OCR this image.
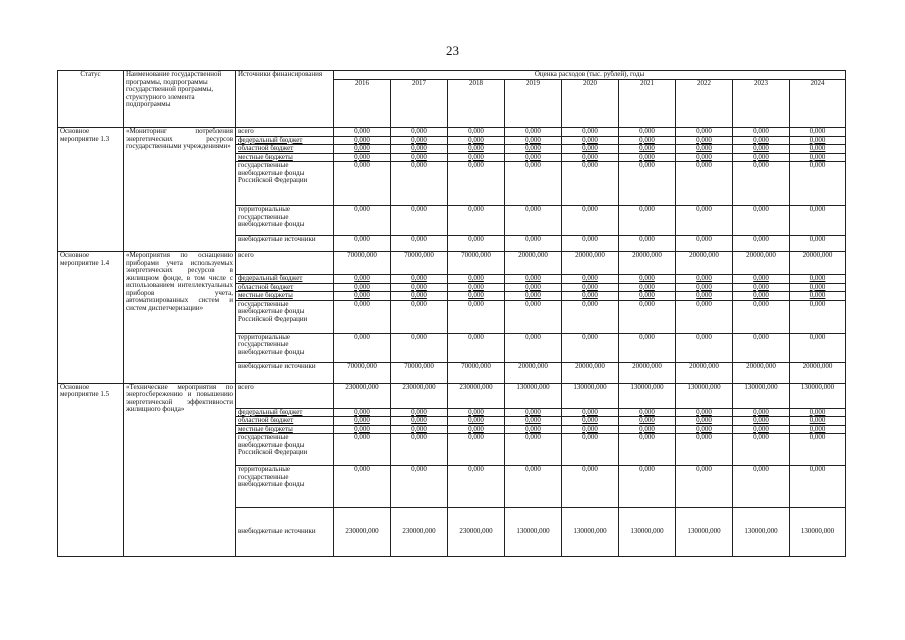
23
Статус	Наименование государственной программы, подпрограммы государственной программы, структурного элемента подпрограммы	Источники финансирования	Оценка расходов (тыс. рублей), годы								
			2016	2017	2018	2019	2020	2021	2022	2023	2024
Основное мероприятие 1.3	«Мониторинг потребления энергетических ресурсов государственными учреждениями»	всего	0,000	0,000	0,000	0,000	0,000	0,000	0,000	0,000	0,000
		федеральный бюджет	0,000	0,000	0,000	0,000	0,000	0,000	0,000	0,000	0,000
		областной бюджет	0,000	0,000	0,000	0,000	0,000	0,000	0,000	0,000	0,000
		местные бюджеты	0,000	0,000	0,000	0,000	0,000	0,000	0,000	0,000	0,000
		государственные внебюджетные фонды Российской Федерации	0,000	0,000	0,000	0,000	0,000	0,000	0,000	0,000	0,000
		территориальные государственные внебюджетные фонды	0,000	0,000	0,000	0,000	0,000	0,000	0,000	0,000	0,000
		внебюджетные источники	0,000	0,000	0,000	0,000	0,000	0,000	0,000	0,000	0,000
Основное мероприятие 1.4	«Мероприятия по оснащению приборами учета используемых энергетических ресурсов в жилищном фонде, в том числе с использованием интеллектуальных приборов учета, автоматизированных систем и систем диспетчеризации»	всего	70000,000	70000,000	70000,000	20000,000	20000,000	20000,000	20000,000	20000,000	20000,000
		федеральный бюджет	0,000	0,000	0,000	0,000	0,000	0,000	0,000	0,000	0,000
		областной бюджет	0,000	0,000	0,000	0,000	0,000	0,000	0,000	0,000	0,000
		местные бюджеты	0,000	0,000	0,000	0,000	0,000	0,000	0,000	0,000	0,000
		государственные внебюджетные фонды Российской Федерации	0,000	0,000	0,000	0,000	0,000	0,000	0,000	0,000	0,000
		территориальные государственные внебюджетные фонды	0,000	0,000	0,000	0,000	0,000	0,000	0,000	0,000	0,000
		внебюджетные источники	70000,000	70000,000	70000,000	20000,000	20000,000	20000,000	20000,000	20000,000	20000,000
Основное мероприятие 1.5	«Технические мероприятия по энергосбережению и повышению энергетической эффективности жилищного фонда»	всего	230000,000	230000,000	230000,000	130000,000	130000,000	130000,000	130000,000	130000,000	130000,000
		федеральный бюджет	0,000	0,000	0,000	0,000	0,000	0,000	0,000	0,000	0,000
		областной бюджет	0,000	0,000	0,000	0,000	0,000	0,000	0,000	0,000	0,000
		местные бюджеты	0,000	0,000	0,000	0,000	0,000	0,000	0,000	0,000	0,000
		государственные внебюджетные фонды Российской Федерации	0,000	0,000	0,000	0,000	0,000	0,000	0,000	0,000	0,000
		территориальные государственные внебюджетные фонды	0,000	0,000	0,000	0,000	0,000	0,000	0,000	0,000	0,000
		внебюджетные источники	230000,000	230000,000	230000,000	130000,000	130000,000	130000,000	130000,000	130000,000	130000,000
